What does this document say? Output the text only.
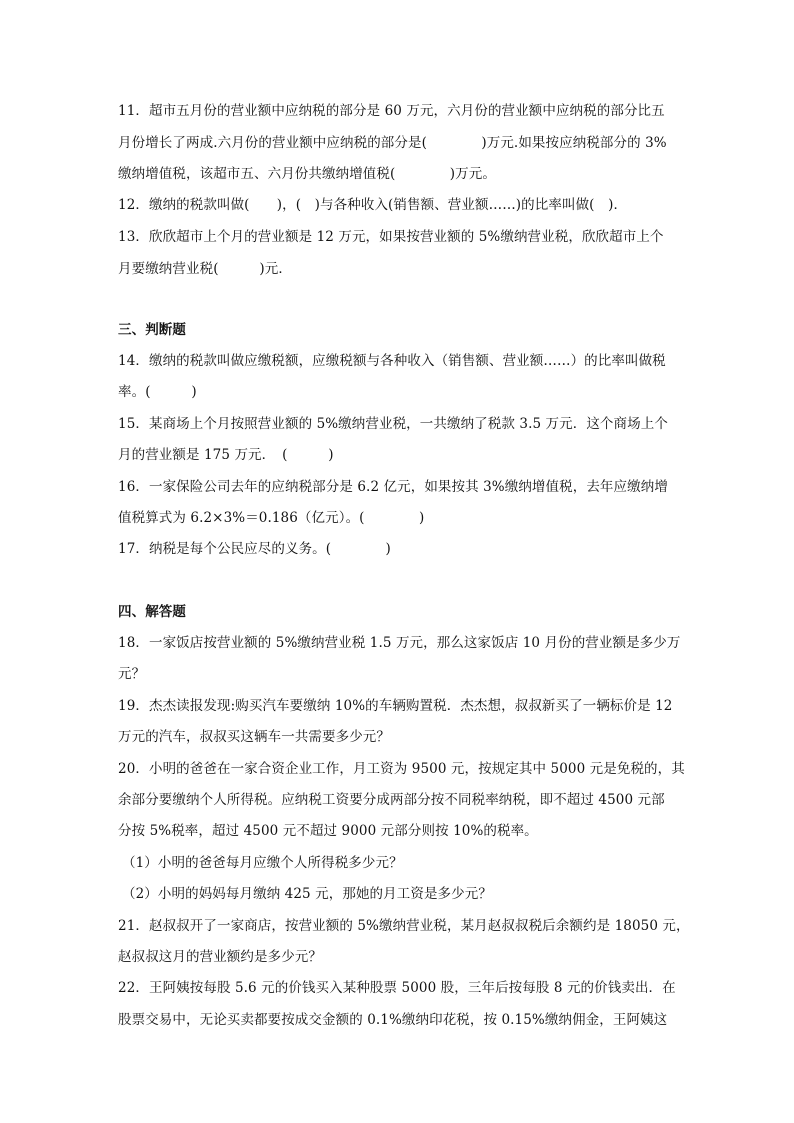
11．超市五月份的营业额中应纳税的部分是 60 万元，六月份的营业额中应纳税的部分比五
月份增长了两成.六月份的营业额中应纳税的部分是(　　　　)万元.如果按应纳税部分的 3%
缴纳增值税，该超市五、六月份共缴纳增值税(　　　　)万元。
12．缴纳的税款叫做(　　)，(　)与各种收入(销售额、营业额……)的比率叫做(　)．
13．欣欣超市上个月的营业额是 12 万元，如果按营业额的 5%缴纳营业税，欣欣超市上个
月要缴纳营业税(　　　)元．
三、判断题
14．缴纳的税款叫做应缴税额，应缴税额与各种收入（销售额、营业额……）的比率叫做税
率。(　　　)
15．某商场上个月按照营业额的 5%缴纳营业税，一共缴纳了税款 3.5 万元．这个商场上个
月的营业额是 175 万元．　(　　　)
16．一家保险公司去年的应纳税部分是 6.2 亿元，如果按其 3%缴纳增值税，去年应缴纳增
值税算式为 6.2×3%＝0.186（亿元）。(　　　　)
17．纳税是每个公民应尽的义务。(　　　　)
四、解答题
18．一家饭店按营业额的 5%缴纳营业税 1.5 万元，那么这家饭店 10 月份的营业额是多少万
元？
19．杰杰读报发现:购买汽车要缴纳 10%的车辆购置税．杰杰想，叔叔新买了一辆标价是 12
万元的汽车，叔叔买这辆车一共需要多少元？
20．小明的爸爸在一家合资企业工作，月工资为 9500 元，按规定其中 5000 元是免税的，其
余部分要缴纳个人所得税。应纳税工资要分成两部分按不同税率纳税，即不超过 4500 元部
分按 5%税率，超过 4500 元不超过 9000 元部分则按 10%的税率。
（1）小明的爸爸每月应缴个人所得税多少元？
（2）小明的妈妈每月缴纳 425 元，那她的月工资是多少元？
21．赵叔叔开了一家商店，按营业额的 5%缴纳营业税，某月赵叔叔税后余额约是 18050 元，
赵叔叔这月的营业额约是多少元？
22．王阿姨按每股 5.6 元的价钱买入某种股票 5000 股，三年后按每股 8 元的价钱卖出．在
股票交易中，无论买卖都要按成交金额的 0.1%缴纳印花税，按 0.15%缴纳佣金，王阿姨这
